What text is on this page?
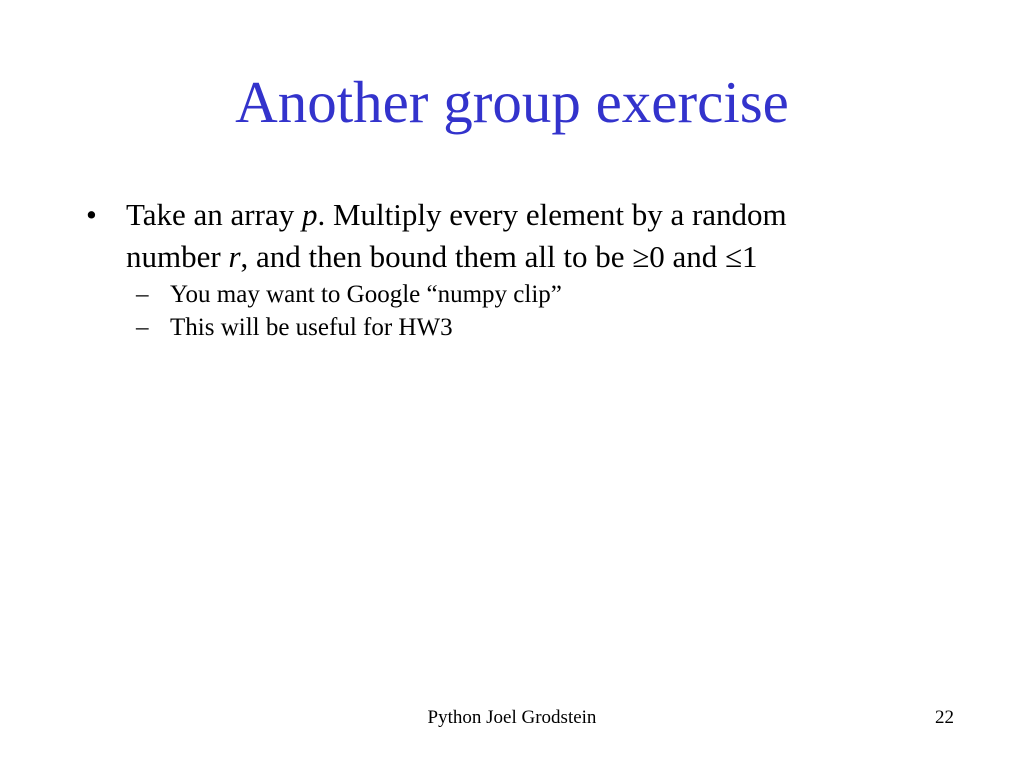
Another group exercise
• Take an array p. Multiply every element by a random
number r, and then bound them all to be ≥0 and ≤1
– You may want to Google “numpy clip”
– This will be useful for HW3
Python Joel Grodstein	22
